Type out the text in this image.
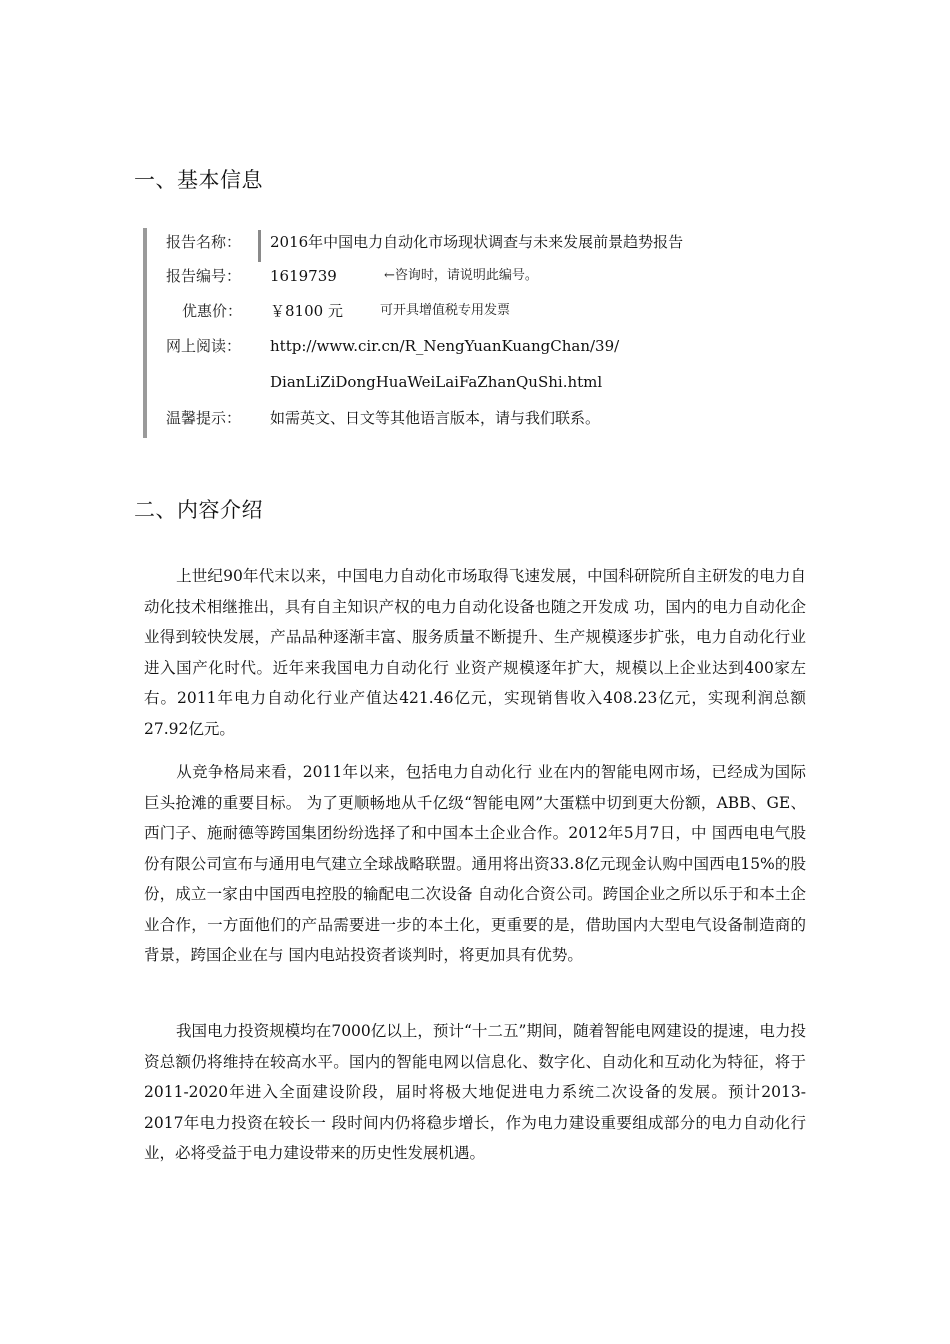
一、基本信息
报告名称：	2016年中国电力自动化市场现状调查与未来发展前景趋势报告
报告编号：	1619739	←咨询时，请说明此编号。
优惠价：	￥8100 元	可开具增值税专用发票
网上阅读：	http://www.cir.cn/R_NengYuanKuangChan/39/
DianLiZiDongHuaWeiLaiFaZhanQuShi.html
温馨提示：	如需英文、日文等其他语言版本，请与我们联系。
二、内容介绍

上世纪90年代末以来，中国电力自动化市场取得飞速发展，中国科研院所自主研发的电力自动化技术相继推出，具有自主知识产权的电力自动化设备也随之开发成 功，国内的电力自动化企业得到较快发展，产品品种逐渐丰富、服务质量不断提升、生产规模逐步扩张，电力自动化行业进入国产化时代。近年来我国电力自动化行 业资产规模逐年扩大，规模以上企业达到400家左右。2011年电力自动化行业产值达421.46亿元，实现销售收入408.23亿元，实现利润总额 27.92亿元。

从竞争格局来看，2011年以来，包括电力自动化行 业在内的智能电网市场，已经成为国际巨头抢滩的重要目标。 为了更顺畅地从千亿级“智能电网”大蛋糕中切到更大份额，ABB、GE、西门子、施耐德等跨国集团纷纷选择了和中国本土企业合作。2012年5月7日，中 国西电电气股份有限公司宣布与通用电气建立全球战略联盟。通用将出资33.8亿元现金认购中国西电15%的股份，成立一家由中国西电控股的输配电二次设备 自动化合资公司。跨国企业之所以乐于和本土企业合作，一方面他们的产品需要进一步的本土化，更重要的是，借助国内大型电气设备制造商的背景，跨国企业在与 国内电站投资者谈判时，将更加具有优势。

我国电力投资规模均在7000亿以上，预计“十二五”期间，随着智能电网建设的提速，电力投资总额仍将维持在较高水平。国内的智能电网以信息化、数字化、自动化和互动化为特征，将于2011-2020年进入全面建设阶段，届时将极大地促进电力系统二次设备的发展。预计2013-2017年电力投资在较长一 段时间内仍将稳步增长，作为电力建设重要组成部分的电力自动化行业，必将受益于电力建设带来的历史性发展机遇。
